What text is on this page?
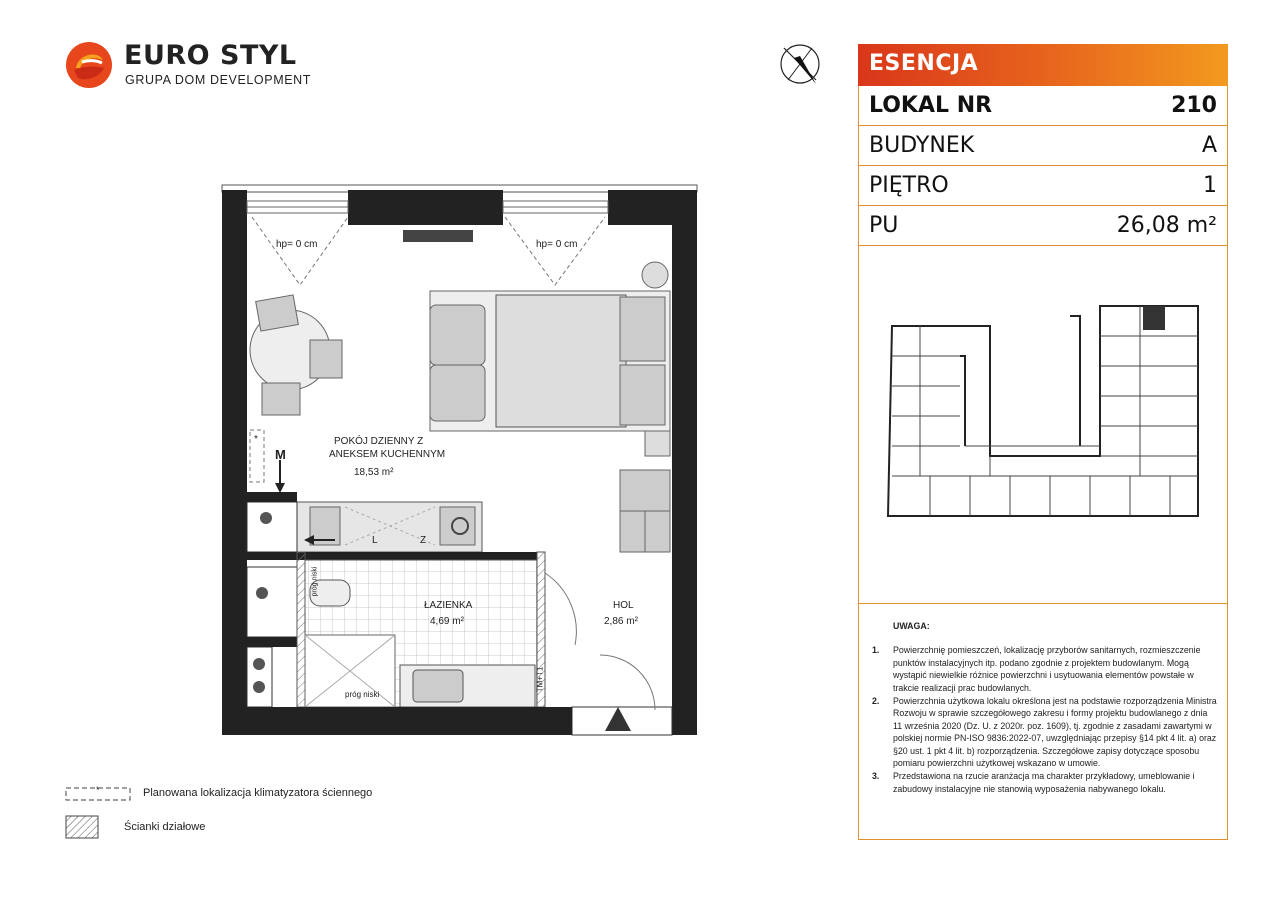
EURO STYL
GRUPA DOM DEVELOPMENT
hp= 0 cm	hp= 0 cm
POKÓJ DZIENNY Z
ANEKSEM KUCHENNYM
18,53 m²
ŁAZIENKA
4,69 m²
HOL
2,86 m²
próg niski
próg niski
M
L	Z
TM+T1
*
*	Planowana lokalizacja klimatyzatora ściennego
Ścianki działowe
ESENCJA
LOKAL NR	210
BUDYNEK	A
PIĘTRO	1
PU	26,08 m²
UWAGA:
1. Powierzchnię pomieszczeń, lokalizację przyborów sanitarnych, rozmieszczenie punktów instalacyjnych itp. podano zgodnie z projektem budowlanym. Mogą wystąpić niewielkie różnice powierzchni i usytuowania elementów powstałe w trakcie realizacji prac budowlanych.
2. Powierzchnia użytkowa lokalu określona jest na podstawie rozporządzenia Ministra Rozwoju w sprawie szczegółowego zakresu i formy projektu budowlanego z dnia 11 września 2020 (Dz. U. z 2020r. poz. 1609), tj. zgodnie z zasadami zawartymi w polskiej normie PN-ISO 9836:2022-07, uwzględniając przepisy §14 pkt 4 lit. a) oraz §20 ust. 1 pkt 4 lit. b) rozporządzenia. Szczegółowe zapisy dotyczące sposobu pomiaru powierzchni użytkowej wskazano w umowie.
3. Przedstawiona na rzucie aranżacja ma charakter przykładowy, umeblowanie i zabudowy instalacyjne nie stanowią wyposażenia nabywanego lokalu.
